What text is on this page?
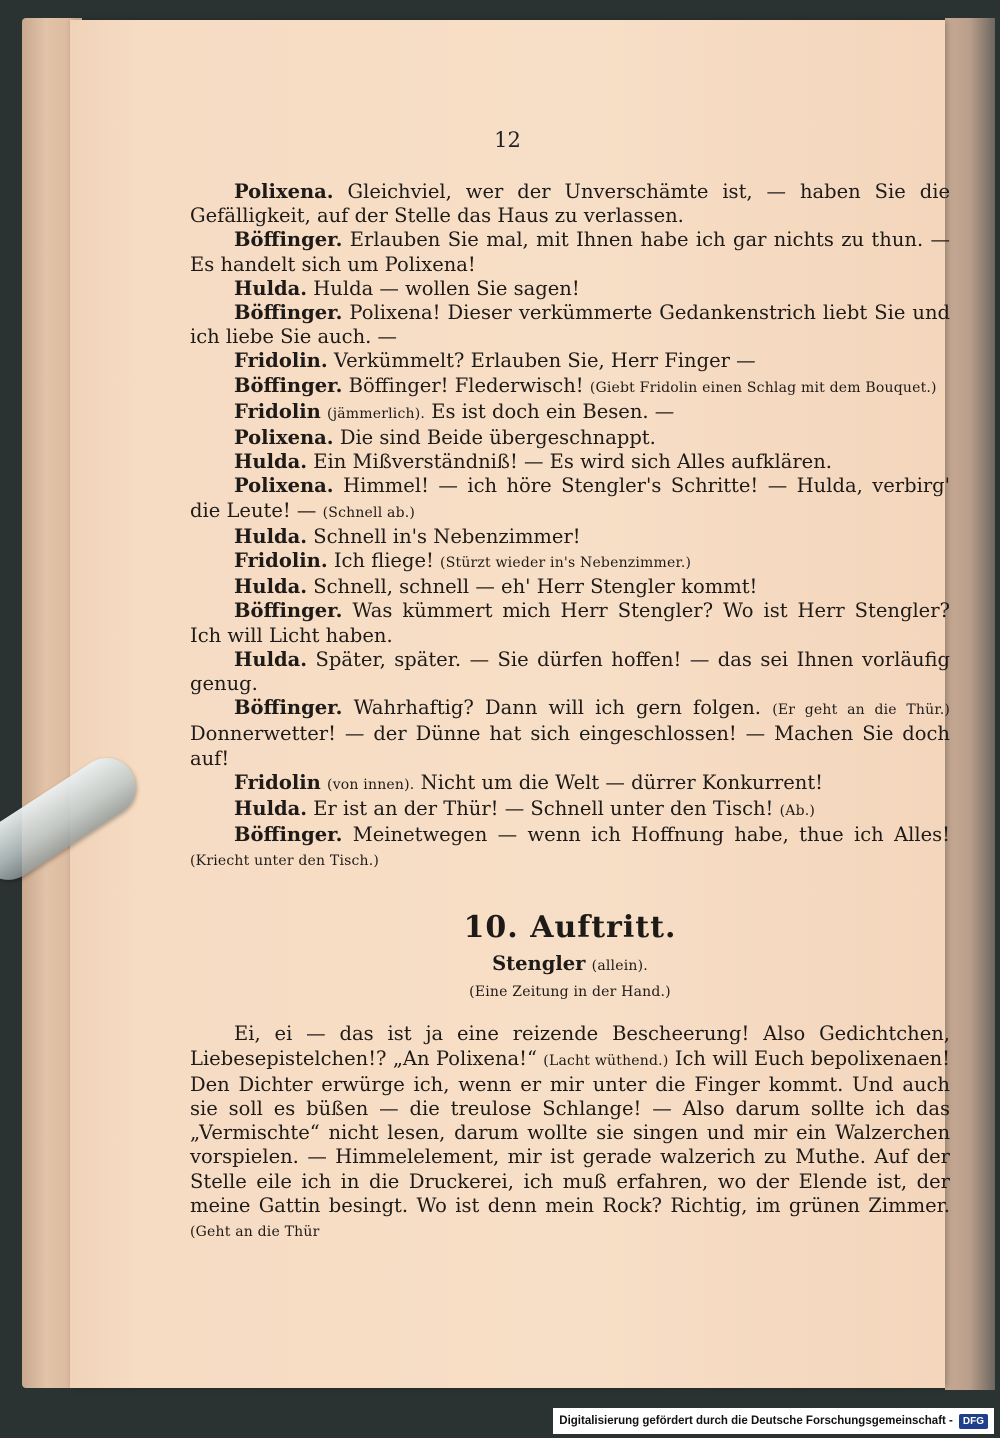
12

Polixena. Gleichviel, wer der Unverschämte ist, — haben Sie die Gefälligkeit, auf der Stelle das Haus zu verlassen.

Böffinger. Erlauben Sie mal, mit Ihnen habe ich gar nichts zu thun. — Es handelt sich um Polixena!

Hulda. Hulda — wollen Sie sagen!

Böffinger. Polixena! Dieser verkümmerte Gedankenstrich liebt Sie und ich liebe Sie auch. —

Fridolin. Verkümmelt? Erlauben Sie, Herr Finger —

Böffinger. Böffinger! Flederwisch! (Giebt Fridolin einen Schlag mit dem Bouquet.)

Fridolin (jämmerlich). Es ist doch ein Besen. —

Polixena. Die sind Beide übergeschnappt.

Hulda. Ein Mißverständniß! — Es wird sich Alles aufklären.

Polixena. Himmel! — ich höre Stengler's Schritte! — Hulda, verbirg' die Leute! — (Schnell ab.)

Hulda. Schnell in's Nebenzimmer!

Fridolin. Ich fliege! (Stürzt wieder in's Nebenzimmer.)

Hulda. Schnell, schnell — eh' Herr Stengler kommt!

Böffinger. Was kümmert mich Herr Stengler? Wo ist Herr Stengler? Ich will Licht haben.

Hulda. Später, später. — Sie dürfen hoffen! — das sei Ihnen vorläufig genug.

Böffinger. Wahrhaftig? Dann will ich gern folgen. (Er geht an die Thür.) Donnerwetter! — der Dünne hat sich eingeschlossen! — Machen Sie doch auf!

Fridolin (von innen). Nicht um die Welt — dürrer Konkurrent!

Hulda. Er ist an der Thür! — Schnell unter den Tisch! (Ab.)

Böffinger. Meinetwegen — wenn ich Hoffnung habe, thue ich Alles! (Kriecht unter den Tisch.)

10. Auftritt.

Stengler (allein).

(Eine Zeitung in der Hand.)

Ei, ei — das ist ja eine reizende Bescheerung! Also Gedichtchen, Liebesepistelchen!? „An Polixena!“ (Lacht wüthend.) Ich will Euch bepolixenaen! Den Dichter erwürge ich, wenn er mir unter die Finger kommt. Und auch sie soll es büßen — die treulose Schlange! — Also darum sollte ich das „Vermischte“ nicht lesen, darum wollte sie singen und mir ein Walzerchen vorspielen. — Himmelelement, mir ist gerade walzerich zu Muthe. Auf der Stelle eile ich in die Druckerei, ich muß erfahren, wo der Elende ist, der meine Gattin besingt. Wo ist denn mein Rock? Richtig, im grünen Zimmer. (Geht an die Thür

Digitalisierung gefördert durch die Deutsche Forschungsgemeinschaft -	DFG
